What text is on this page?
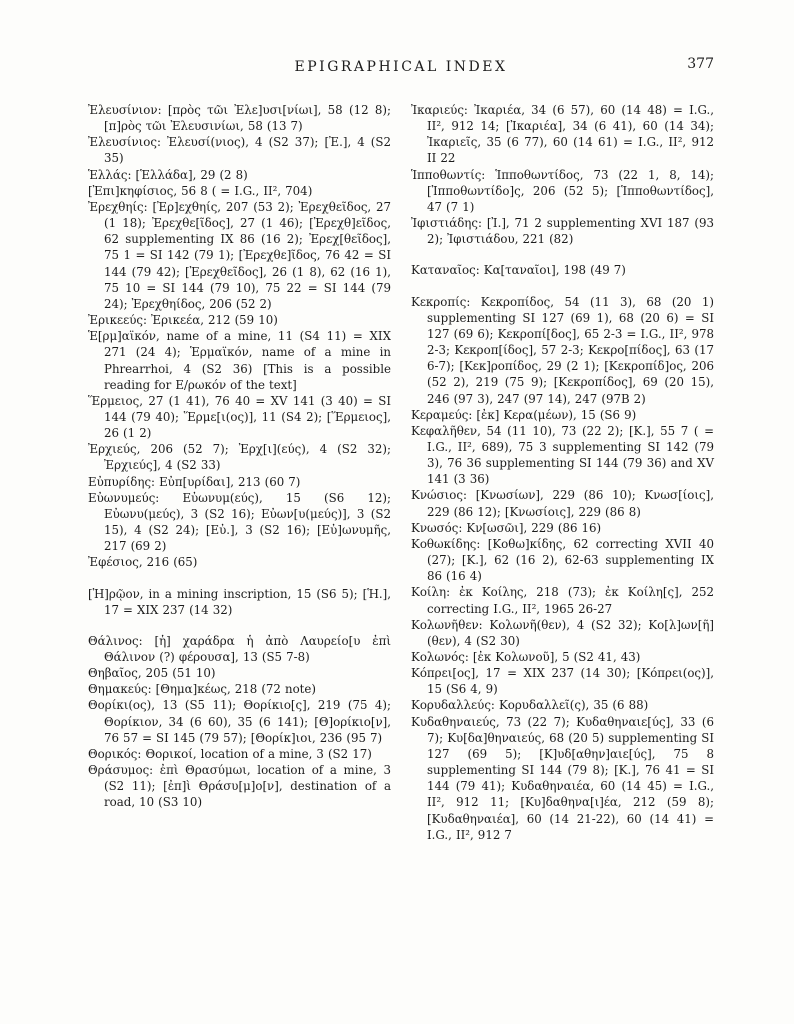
EPIGRAPHICAL INDEX	377

Ἐλευσίνιον: [πρὸς τῶι Ἐλε]υσι[νίωι], 58 (12 8); [π]ρὸς τῶι Ἐλευσινίωι, 58 (13 7)

Ἐλευσίνιος: Ἐλευσί(νιος), 4 (S2 37); [Ἐ.], 4 (S2 35)

Ἑλλάς: [Ἑλλάδα], 29 (2 8)

[Ἐπι]κηφίσιος, 56 8 ( = I.G., II², 704)

Ἐρεχθηίς: [Ἐρ]εχθηίς, 207 (53 2); Ἐρεχθεῖδος, 27 (1 18); Ἐρεχθε[ῖδος], 27 (1 46); [Ἐρεχθ]εῖδος, 62 supplementing IX 86 (16 2); Ἐρεχ[θεῖδος], 75 1 = SI 142 (79 1); [Ἐρεχθε]ῖδος, 76 42 = SI 144 (79 42); [Ἐρεχθεῖδος], 26 (1 8), 62 (16 1), 75 10 = SI 144 (79 10), 75 22 = SI 144 (79 24); Ἐρεχθηίδος, 206 (52 2)

Ἐρικεεύς: Ἐρικεέα, 212 (59 10)

Ἑ[ρμ]αϊκόν, name of a mine, 11 (S4 11) = XIX 271 (24 4); Ἑρμαϊκόν, name of a mine in Phrearrhoi, 4 (S2 36) [This is a possible reading for Ε/ρωκόν of the text]

Ἕρμειος, 27 (1 41), 76 40 = XV 141 (3 40) = SI 144 (79 40); Ἕρμε[ι(ος)], 11 (S4 2); [Ἕρμειος], 26 (1 2)

Ἐρχιεύς, 206 (52 7); Ἐρχ[ι](εύς), 4 (S2 32); Ἐρχιεύς], 4 (S2 33)

Εὐπυρίδης: Εὐπ[υρίδαι], 213 (60 7)

Εὐωνυμεύς: Εὐωνυμ(εύς), 15 (S6 12); Εὐωνυ(μεύς), 3 (S2 16); Εὐων[υ(μεύς)], 3 (S2 15), 4 (S2 24); [Εὐ.], 3 (S2 16); [Εὐ]ωνυμῆς, 217 (69 2)

Ἐφέσιος, 216 (65)

[Ἡ]ρῷον, in a mining inscription, 15 (S6 5); [Ἡ.], 17 = XIX 237 (14 32)

Θάλινος: [ἡ] χαράδρα ἡ ἀπὸ Λαυρείο[υ ἐπὶ Θάλινον (?) φέρουσα], 13 (S5 7-8)

Θηβαῖος, 205 (51 10)

Θημακεύς: [Θημα]κέως, 218 (72 note)

Θορίκι(ος), 13 (S5 11); Θορίκιο[ς], 219 (75 4); Θορίκιον, 34 (6 60), 35 (6 141); [Θ]ορίκιο[ν], 76 57 = SI 145 (79 57); [Θορίκ]ιοι, 236 (95 7)

Θορικός: Θορικοί, location of a mine, 3 (S2 17)

Θράσυμος: ἐπὶ Θρασύμωι, location of a mine, 3 (S2 11); [ἐπ]ὶ Θράσυ[μ]ο[ν], destination of a road, 10 (S3 10)

Ἰκαριεύς: Ἰκαριέα, 34 (6 57), 60 (14 48) = I.G., II², 912 14; [Ἰκαριέα], 34 (6 41), 60 (14 34); Ἰκαριεῖς, 35 (6 77), 60 (14 61) = I.G., II², 912 II 22

Ἱπποθωντίς: Ἱπποθωντίδος, 73 (22 1, 8, 14); [Ἱπποθωντίδο]ς, 206 (52 5); [Ἱπποθωντίδος], 47 (7 1)

Ἰφιστιάδης: [Ἰ.], 71 2 supplementing XVI 187 (93 2); Ἰφιστιάδου, 221 (82)

Καταναῖος: Κα[ταναῖοι], 198 (49 7)

Κεκροπίς: Κεκροπίδος, 54 (11 3), 68 (20 1) supplementing SI 127 (69 1), 68 (20 6) = SI 127 (69 6); Κεκροπί[δος], 65 2-3 = I.G., II², 978 2-3; Κεκροπ[ίδος], 57 2-3; Κεκρο[πίδος], 63 (17 6-7); [Κεκ]ροπίδος, 29 (2 1); [Κεκροπίδ]ος, 206 (52 2), 219 (75 9); [Κεκροπίδος], 69 (20 15), 246 (97 3), 247 (97 14), 247 (97B 2)

Κεραμεύς: [ἐκ] Κερα(μέων), 15 (S6 9)

Κεφαλῆθεν, 54 (11 10), 73 (22 2); [Κ.], 55 7 ( = I.G., II², 689), 75 3 supplementing SI 142 (79 3), 76 36 supplementing SI 144 (79 36) and XV 141 (3 36)

Κνώσιος: [Κνωσίων], 229 (86 10); Κνωσ[ίοις], 229 (86 12); [Κνωσίοις], 229 (86 8)

Κνωσός: Κν[ωσῶι], 229 (86 16)

Κοθωκίδης: [Κοθω]κίδης, 62 correcting XVII 40 (27); [Κ.], 62 (16 2), 62-63 supplementing IX 86 (16 4)

Κοίλη: ἐκ Κοίλης, 218 (73); ἐκ Κοίλη[ς], 252 correcting I.G., II², 1965 26-27

Κολωνῆθεν: Κολωνῆ(θεν), 4 (S2 32); Κο[λ]ων[ῆ](θεν), 4 (S2 30)

Κολωνός: [ἐκ Κολωνοῦ], 5 (S2 41, 43)

Κόπρει[ος], 17 = XIX 237 (14 30); [Κόπρει(ος)], 15 (S6 4, 9)

Κορυδαλλεύς: Κορυδαλλεῖ(ς), 35 (6 88)

Κυδαθηναιεύς, 73 (22 7); Κυδαθηναιε[ύς], 33 (6 7); Κυ[δα]θηναιεύς, 68 (20 5) supplementing SI 127 (69 5); [Κ]υδ[αθην]αιε[ύς], 75 8 supplementing SI 144 (79 8); [Κ.], 76 41 = SI 144 (79 41); Κυδαθηναιέα, 60 (14 45) = I.G., II², 912 11; [Κυ]δαθηνα[ι]έα, 212 (59 8); [Κυδαθηναιέα], 60 (14 21-22), 60 (14 41) = I.G., II², 912 7
